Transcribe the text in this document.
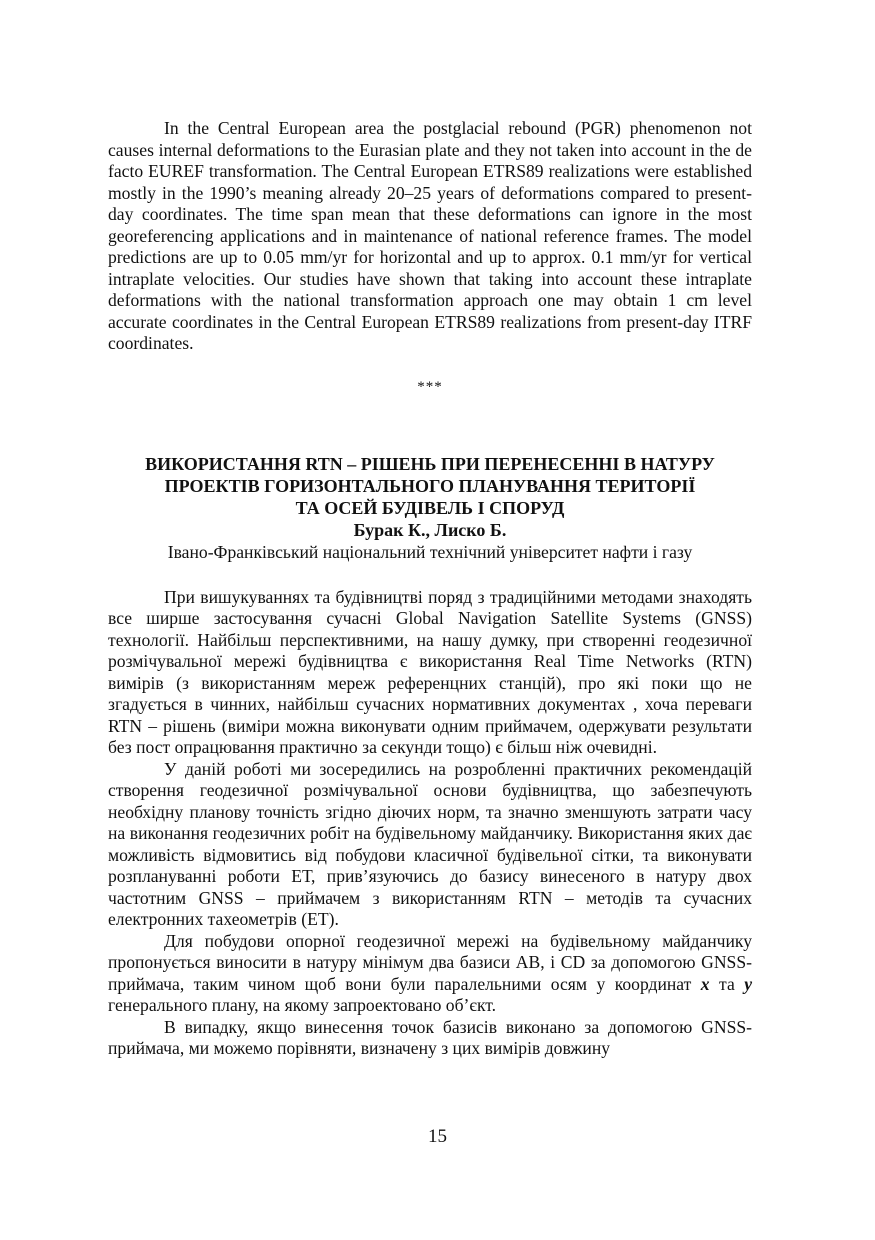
In the Central European area the postglacial rebound (PGR) phenomenon not causes internal deformations to the Eurasian plate and they not taken into account in the de facto EUREF transformation. The Central European ETRS89 realizations were established mostly in the 1990’s meaning already 20–25 years of deformations compared to present-day coordinates. The time span mean that these deformations can ignore in the most georeferencing applications and in maintenance of national reference frames. The model predictions are up to 0.05 mm/yr for horizontal and up to approx. 0.1 mm/yr for vertical intraplate velocities. Our studies have shown that taking into account these intraplate deformations with the national transformation approach one may obtain 1 cm level accurate coordinates in the Central European ETRS89 realizations from present-day ITRF coordinates.

***
ВИКОРИСТАННЯ RTN – РІШЕНЬ ПРИ ПЕРЕНЕСЕННІ В НАТУРУ
ПРОЕКТІВ ГОРИЗОНТАЛЬНОГО ПЛАНУВАННЯ ТЕРИТОРІЇ
ТА ОСЕЙ БУДІВЕЛЬ І СПОРУД
Бурак К., Лиско Б.
Івано-Франківський національний технічний університет нафти і газу

При вишукуваннях та будівництві поряд з традиційними методами знаходять все ширше застосування сучасні Global Navigation Satellite Systems (GNSS) технології. Найбільш перспективними, на нашу думку, при створенні геодезичної розмічувальної мережі будівництва є використання Real Time Networks (RTN) вимірів (з використанням мереж референцних станцій), про які поки що не згадується в чинних, найбільш сучасних нормативних документах , хоча переваги RTN – рішень (виміри можна виконувати одним приймачем, одержувати результати без пост опрацювання практично за секунди тощо) є більш ніж очевидні.

У даній роботі ми зосередились на розробленні практичних рекомендацій створення геодезичної розмічувальної основи будівництва, що забезпечують необхідну планову точність згідно діючих норм, та значно зменшують затрати часу на виконання геодезичних робіт на будівельному майданчику. Використання яких дає можливість відмовитись від побудови класичної будівельної сітки, та виконувати розплануванні роботи ЕТ, прив’язуючись до базису винесеного в натуру двох частотним GNSS – приймачем з використанням RTN – методів та сучасних електронних тахеометрів (ЕТ).

Для побудови опорної геодезичної мережі на будівельному майданчику пропонується виносити в натуру мінімум два базиси AB, і CD за допомогою GNSS-приймача, таким чином щоб вони були паралельними осям у координат x та y генерального плану, на якому запроектовано об’єкт.

В випадку, якщо винесення точок базисів виконано за допомогою GNSS-приймача, ми можемо порівняти, визначену з цих вимірів довжину

15
